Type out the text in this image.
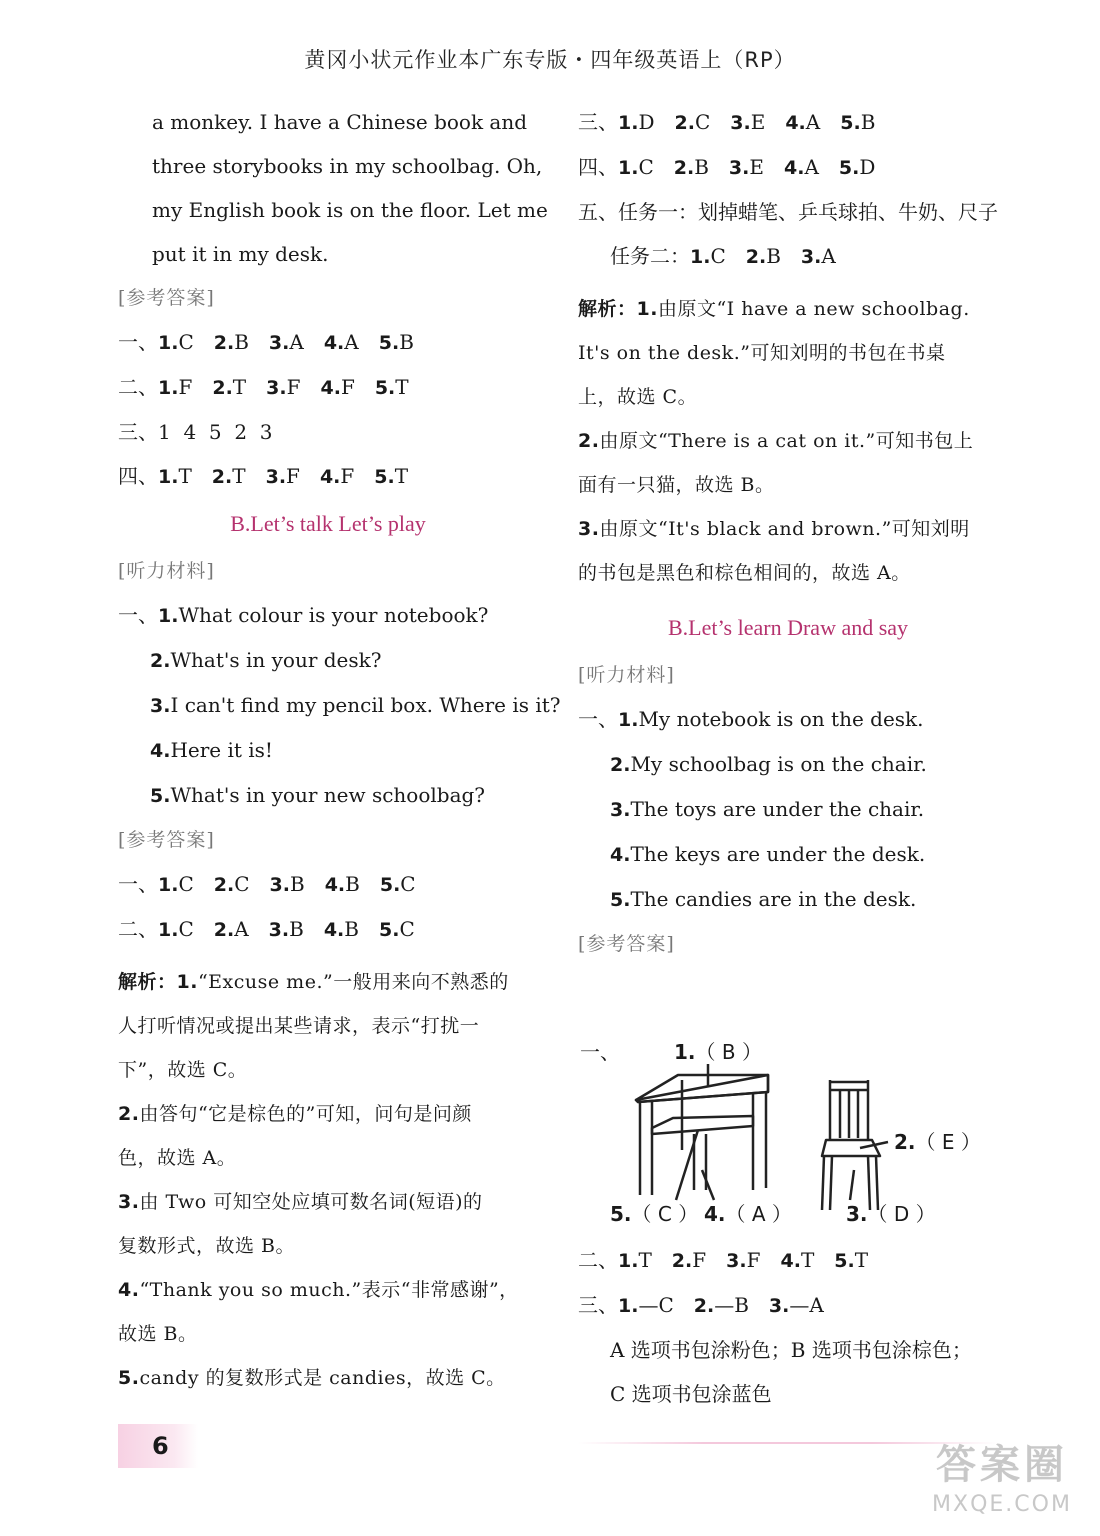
黄冈小状元作业本广东专版・四年级英语上（RP）
a monkey. I have a Chinese book and
three storybooks in my schoolbag. Oh,
my English book is on the floor. Let me
put it in my desk.
[参考答案]
一、1.C 2.B 3.A 4.A 5.B
二、1.F 2.T 3.F 4.F 5.T
三、1  4  5  2  3
四、1.T 2.T 3.F 4.F 5.T
B.Let’s talk Let’s play
[听力材料]
一、1.What colour is your notebook?
2.What's in your desk?
3.I can't find my pencil box. Where is it?
4.Here it is!
5.What's in your new schoolbag?
[参考答案]
一、1.C 2.C 3.B 4.B 5.C
二、1.C 2.A 3.B 4.B 5.C
解析：1.“Excuse me.”一般用来向不熟悉的
人打听情况或提出某些请求，表示“打扰一
下”，故选 C。
2.由答句“它是棕色的”可知，问句是问颜
色，故选 A。
3.由 Two 可知空处应填可数名词(短语)的
复数形式，故选 B。
4.“Thank you so much.”表示“非常感谢”，
故选 B。
5.candy 的复数形式是 candies，故选 C。
三、1.D 2.C 3.E 4.A 5.B
四、1.C 2.B 3.E 4.A 5.D
五、任务一：划掉蜡笔、乒乓球拍、牛奶、尺子
任务二：1.C 2.B 3.A
解析：1.由原文“I have a new schoolbag.
It's on the desk.”可知刘明的书包在书桌
上，故选 C。
2.由原文“There is a cat on it.”可知书包上
面有一只猫，故选 B。
3.由原文“It's black and brown.”可知刘明
的书包是黑色和棕色相间的，故选 A。
B.Let’s learn Draw and say
[听力材料]
一、1.My notebook is on the desk.
2.My schoolbag is on the chair.
3.The toys are under the chair.
4.The keys are under the desk.
5.The candies are in the desk.
[参考答案]
一、	1.（ B ）
2.（ E ）
3.（ D ）
4.（ A ）
5.（ C ）
二、1.T 2.F 3.F 4.T 5.T
三、1.—C 2.—B 3.—A
A 选项书包涂粉色；B 选项书包涂棕色；
C 选项书包涂蓝色
6	答案圈
MXQE.COM
